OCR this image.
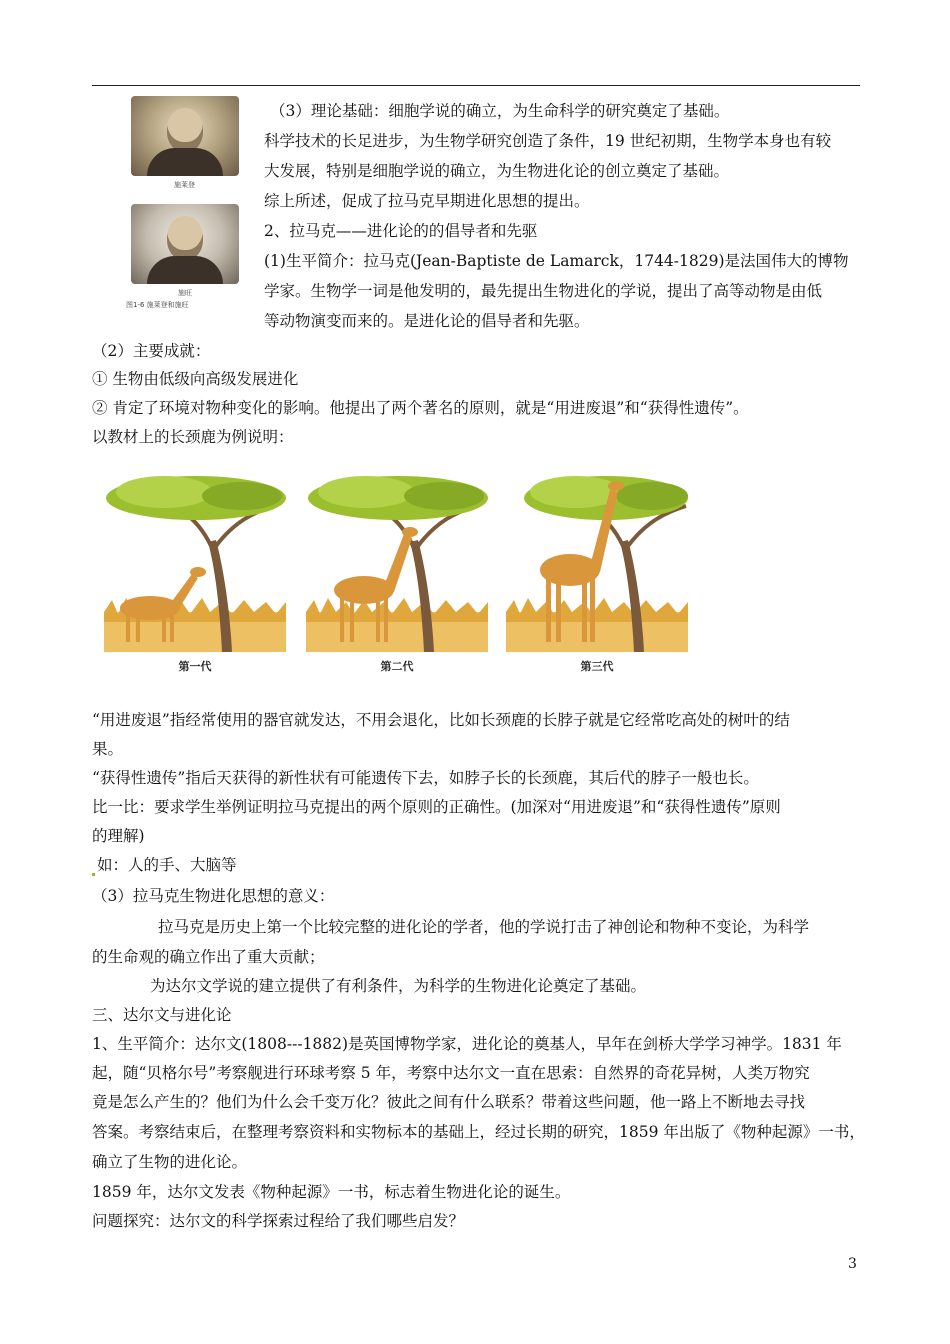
施莱登
施旺
图1-6 施莱登和施旺

（3）理论基础：细胞学说的确立，为生命科学的研究奠定了基础。

科学技术的长足进步，为生物学研究创造了条件，19 世纪初期，生物学本身也有较

大发展，特别是细胞学说的确立，为生物进化论的创立奠定了基础。

综上所述，促成了拉马克早期进化思想的提出。

2、拉马克——进化论的的倡导者和先驱

(1)生平简介：拉马克(Jean-Baptiste de Lamarck，1744-1829)是法国伟大的博物

学家。生物学一词是他发明的，最先提出生物进化的学说，提出了高等动物是由低

等动物演变而来的。是进化论的倡导者和先驱。

（2）主要成就：

① 生物由低级向高级发展进化

② 肯定了环境对物种变化的影响。他提出了两个著名的原则，就是“用进废退”和“获得性遗传”。

以教材上的长颈鹿为例说明：

第一代	第二代	第三代

“用进废退”指经常使用的器官就发达，不用会退化，比如长颈鹿的长脖子就是它经常吃高处的树叶的结

果。

“获得性遗传”指后天获得的新性状有可能遗传下去，如脖子长的长颈鹿，其后代的脖子一般也长。

比一比：要求学生举例证明拉马克提出的两个原则的正确性。(加深对“用进废退”和“获得性遗传”原则

的理解)

如：人的手、大脑等

（3）拉马克生物进化思想的意义：

拉马克是历史上第一个比较完整的进化论的学者，他的学说打击了神创论和物种不变论，为科学

的生命观的确立作出了重大贡献；

为达尔文学说的建立提供了有利条件，为科学的生物进化论奠定了基础。

三、达尔文与进化论

1、生平简介：达尔文(1808---1882)是英国博物学家，进化论的奠基人，早年在剑桥大学学习神学。1831 年

起，随“贝格尔号”考察舰进行环球考察 5 年，考察中达尔文一直在思索：自然界的奇花异树，人类万物究

竟是怎么产生的？他们为什么会千变万化？彼此之间有什么联系？带着这些问题，他一路上不断地去寻找

答案。考察结束后，在整理考察资料和实物标本的基础上，经过长期的研究，1859 年出版了《物种起源》一书，

确立了生物的进化论。

1859 年，达尔文发表《物种起源》一书，标志着生物进化论的诞生。

问题探究：达尔文的科学探索过程给了我们哪些启发？

3
